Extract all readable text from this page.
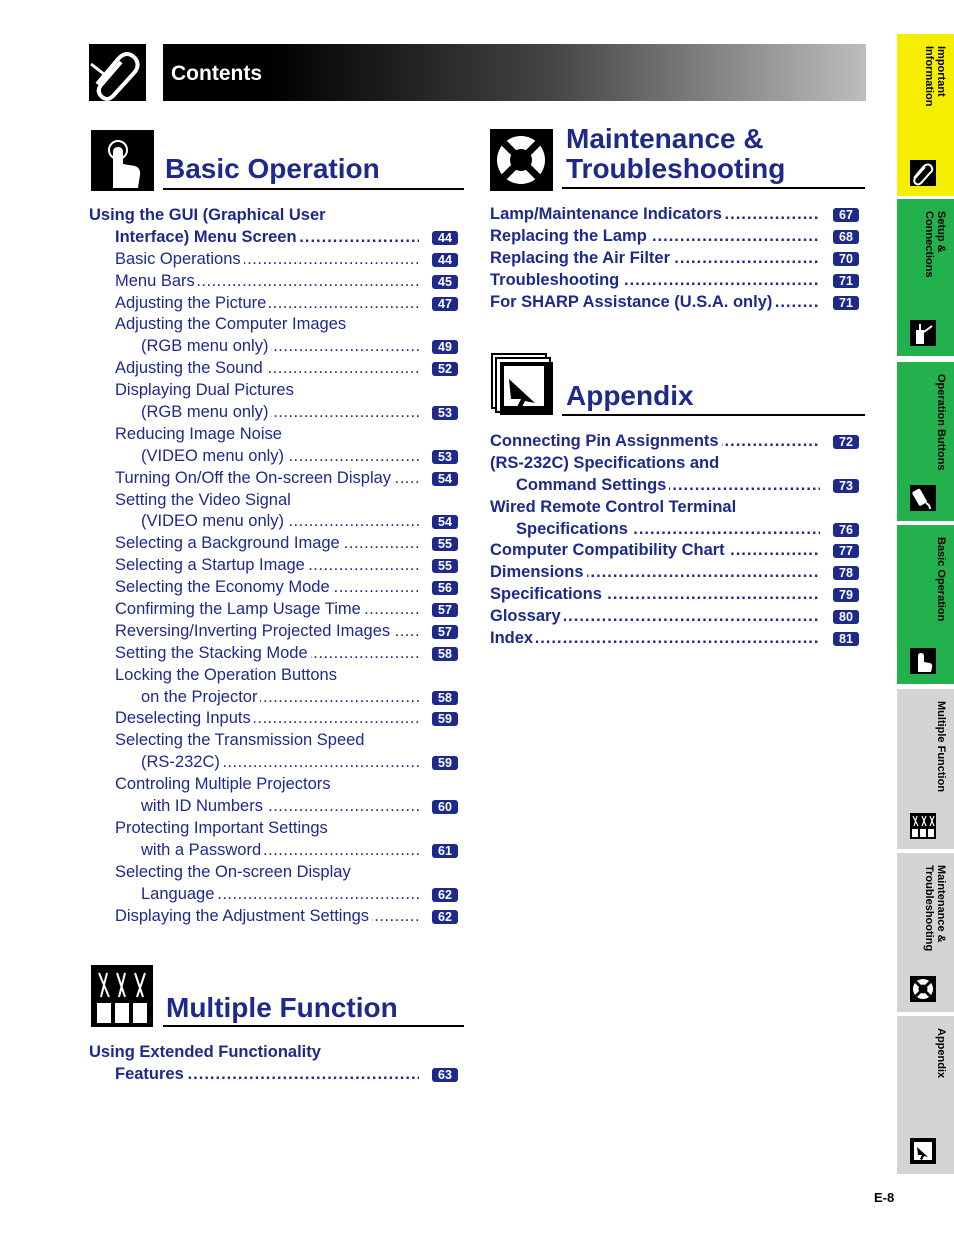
Contents
Basic Operation
Using the GUI (Graphical User
Interface) Menu Screen .....	44
Basic Operations .....	44
Menu Bars .....	45
Adjusting the Picture .....	47
Adjusting the Computer Images
(RGB menu only) .....	49
Adjusting the Sound .....	52
Displaying Dual Pictures
(RGB menu only) .....	53
Reducing Image Noise
(VIDEO menu only) .....	53
Turning On/Off the On-screen Display .....	54
Setting the Video Signal
(VIDEO menu only) .....	54
Selecting a Background Image .....	55
Selecting a Startup Image .....	55
Selecting the Economy Mode .....	56
Confirming the Lamp Usage Time .....	57
Reversing/Inverting Projected Images .....	57
Setting the Stacking Mode .....	58
Locking the Operation Buttons
on the Projector .....	58
Deselecting Inputs .....	59
Selecting the Transmission Speed
(RS-232C) .....	59
Controling Multiple Projectors
with ID Numbers .....	60
Protecting Important Settings
with a Password .....	61
Selecting the On-screen Display
Language .....	62
Displaying the Adjustment Settings .....	62
Multiple Function
Using Extended Functionality
Features .....	63
Maintenance &
Troubleshooting
Lamp/Maintenance Indicators .....	67
Replacing the Lamp .....	68
Replacing the Air Filter .....	70
Troubleshooting .....	71
For SHARP Assistance (U.S.A. only) .....	71
Appendix
Connecting Pin Assignments .....	72
(RS-232C) Specifications and
Command Settings .....	73
Wired Remote Control Terminal
Specifications .....	76
Computer Compatibility Chart .....	77
Dimensions .....	78
Specifications .....	79
Glossary .....	80
Index .....	81
Important Information
Setup & Connections
Operation Buttons
Basic Operation
Multiple Function
Maintenance & Troubleshooting
Appendix
E-8
